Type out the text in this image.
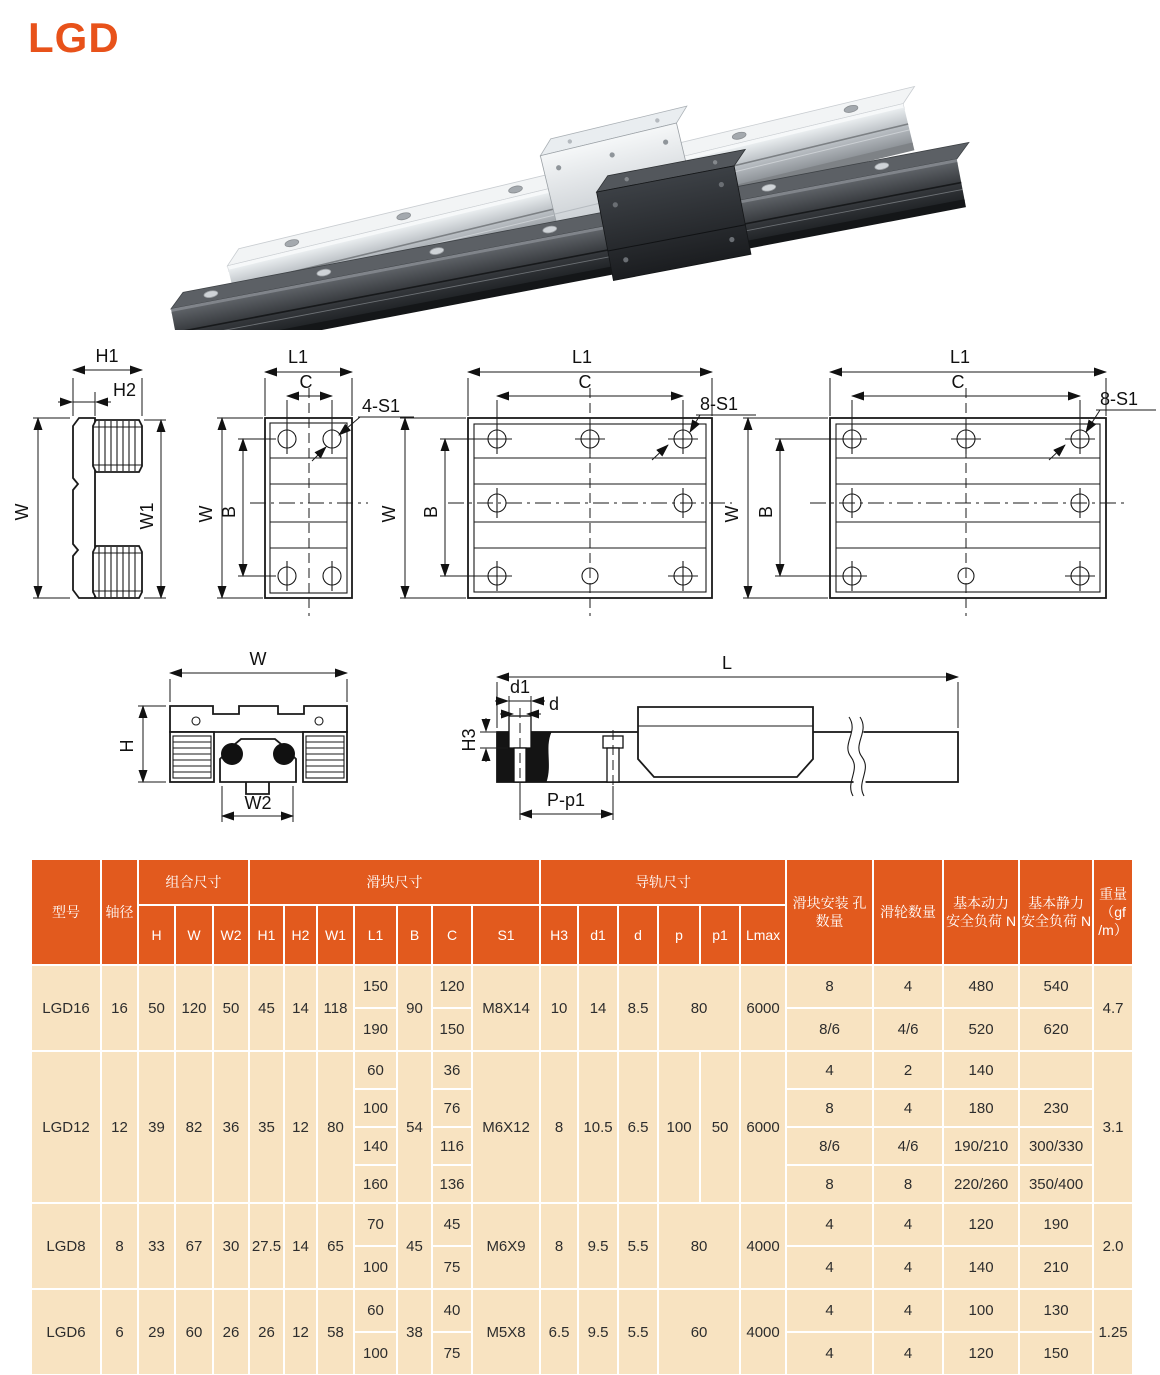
LGD
H1
H2
W	W1
L1
C
W B
4-S1
L1
C
W B
8-S1
L1
C
W B
8-S1
W
H
W2
L
d1
d
H3
P-p1
型号	轴径	组合尺寸			滑块尺寸							导轨尺寸						滑块安装 孔数量	滑轮数量	基本动力 安全负荷 N	基本静力 安全负荷 N	重量（gf /m）
		H	W	W2	H1	H2	W1	L1	B	C	S1	H3	d1	d	p	p1	Lmax					
LGD16	16	50	120	50	45	14	118	150	90	120	M8X14	10	14	8.5	80		6000	8	4	480	540	4.7
								190		150								8/6	4/6	520	620	
LGD12	12	39	82	36	35	12	80	60	54	36	M6X12	8	10.5	6.5	100	50	6000	4	2	140		3.1
								100		76								8	4	180	230	
								140		116								8/6	4/6	190/210	300/330	
								160		136								8	8	220/260	350/400	
LGD8	8	33	67	30	27.5	14	65	70	45	45	M6X9	8	9.5	5.5	80		4000	4	4	120	190	2.0
								100		75								4	4	140	210	
LGD6	6	29	60	26	26	12	58	60	38	40	M5X8	6.5	9.5	5.5	60		4000	4	4	100	130	1.25
								100		75								4	4	120	150	
